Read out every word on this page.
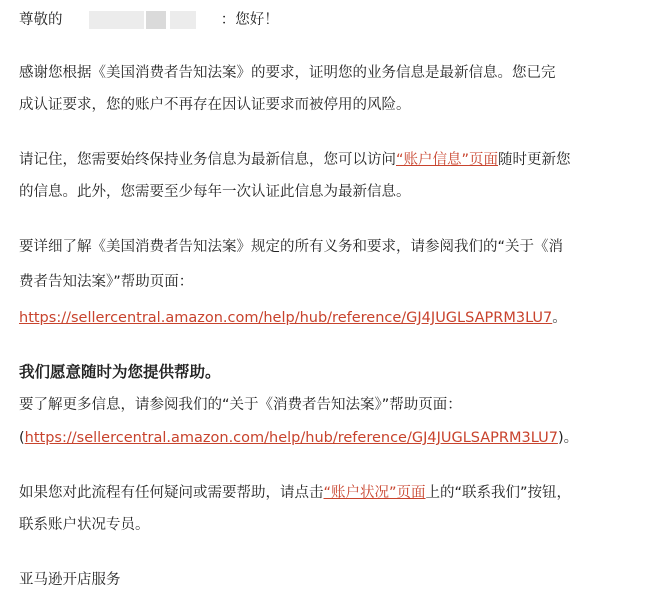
尊敬的	：您好！
感谢您根据《美国消费者告知法案》的要求，证明您的业务信息是最新信息。您已完
成认证要求，您的账户不再存在因认证要求而被停用的风险。
请记住，您需要始终保持业务信息为最新信息，您可以访问“账户信息”页面随时更新您
的信息。此外，您需要至少每年一次认证此信息为最新信息。
要详细了解《美国消费者告知法案》规定的所有义务和要求，请参阅我们的“关于《消
费者告知法案》”帮助页面：
https://sellercentral.amazon.com/help/hub/reference/GJ4JUGLSAPRM3LU7。
我们愿意随时为您提供帮助。
要了解更多信息，请参阅我们的“关于《消费者告知法案》”帮助页面：
(https://sellercentral.amazon.com/help/hub/reference/GJ4JUGLSAPRM3LU7)。
如果您对此流程有任何疑问或需要帮助，请点击“账户状况”页面上的“联系我们”按钮，
联系账户状况专员。
亚马逊开店服务
